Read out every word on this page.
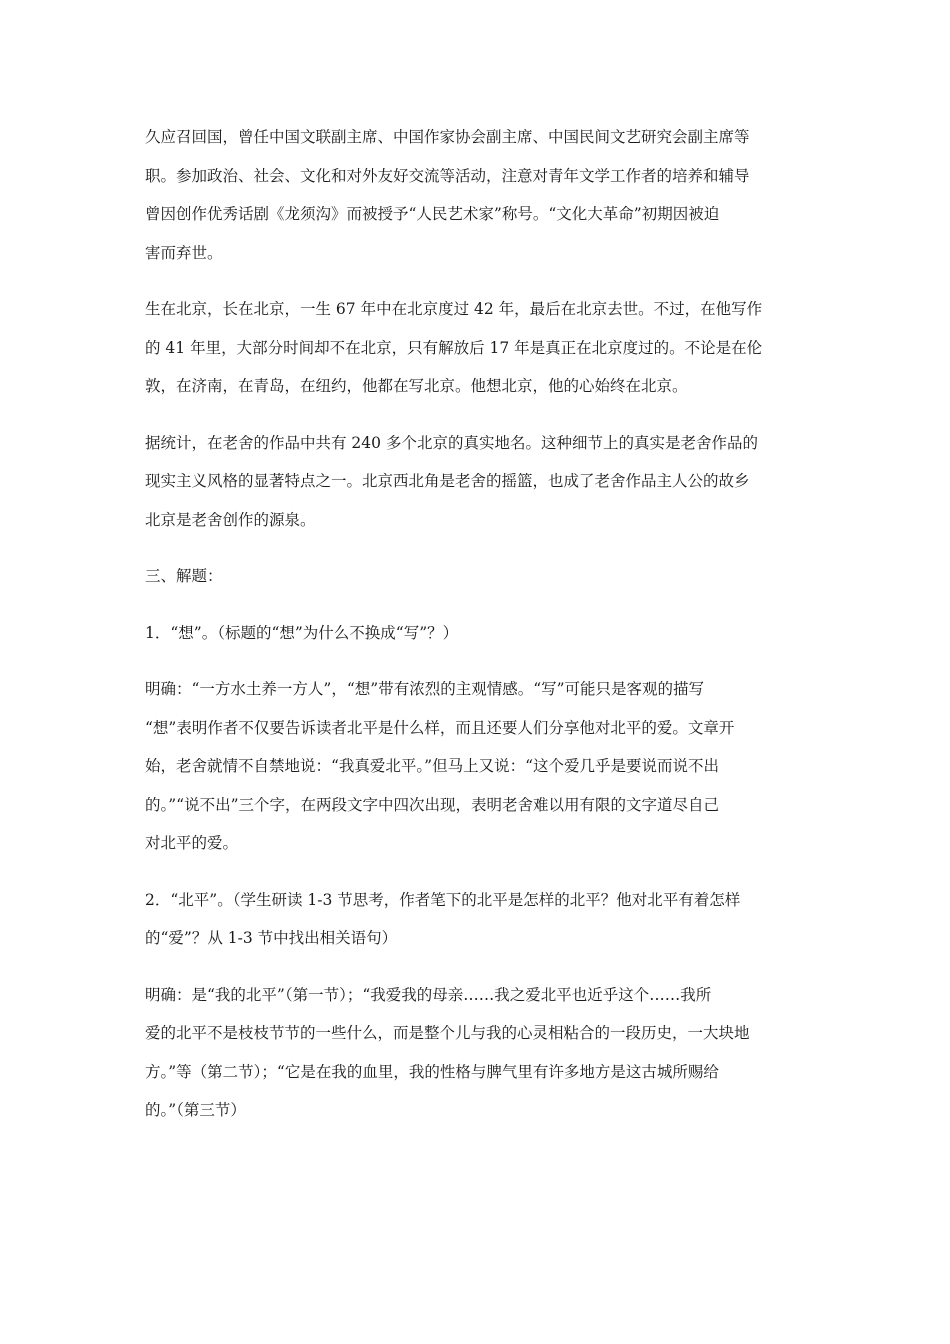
久应召回国，曾任中国文联副主席、中国作家协会副主席、中国民间文艺研究会副主席等
职。参加政治、社会、文化和对外友好交流等活动，注意对青年文学工作者的培养和辅导
曾因创作优秀话剧《龙须沟》而被授予“人民艺术家”称号。“文化大革命”初期因被迫
害而弃世。

生在北京，长在北京，一生 67 年中在北京度过 42 年，最后在北京去世。不过，在他写作
的 41 年里，大部分时间却不在北京，只有解放后 17 年是真正在北京度过的。不论是在伦
敦，在济南，在青岛，在纽约，他都在写北京。他想北京，他的心始终在北京。

据统计，在老舍的作品中共有 240 多个北京的真实地名。这种细节上的真实是老舍作品的
现实主义风格的显著特点之一。北京西北角是老舍的摇篮，也成了老舍作品主人公的故乡
北京是老舍创作的源泉。

三、解题：

1．“想”。（标题的“想”为什么不换成“写”？）

明确：“一方水土养一方人”，“想”带有浓烈的主观情感。“写”可能只是客观的描写
“想”表明作者不仅要告诉读者北平是什么样，而且还要人们分享他对北平的爱。文章开
始，老舍就情不自禁地说：“我真爱北平。”但马上又说：“这个爱几乎是要说而说不出
的。”“说不出”三个字，在两段文字中四次出现，表明老舍难以用有限的文字道尽自己
对北平的爱。

2．“北平”。（学生研读 1-3 节思考，作者笔下的北平是怎样的北平？他对北平有着怎样
的“爱”？从 1-3 节中找出相关语句）

明确：是“我的北平”（第一节）；“我爱我的母亲……我之爱北平也近乎这个……我所
爱的北平不是枝枝节节的一些什么，而是整个儿与我的心灵相粘合的一段历史，一大块地
方。”等（第二节）；“它是在我的血里，我的性格与脾气里有许多地方是这古城所赐给
的。”（第三节）
